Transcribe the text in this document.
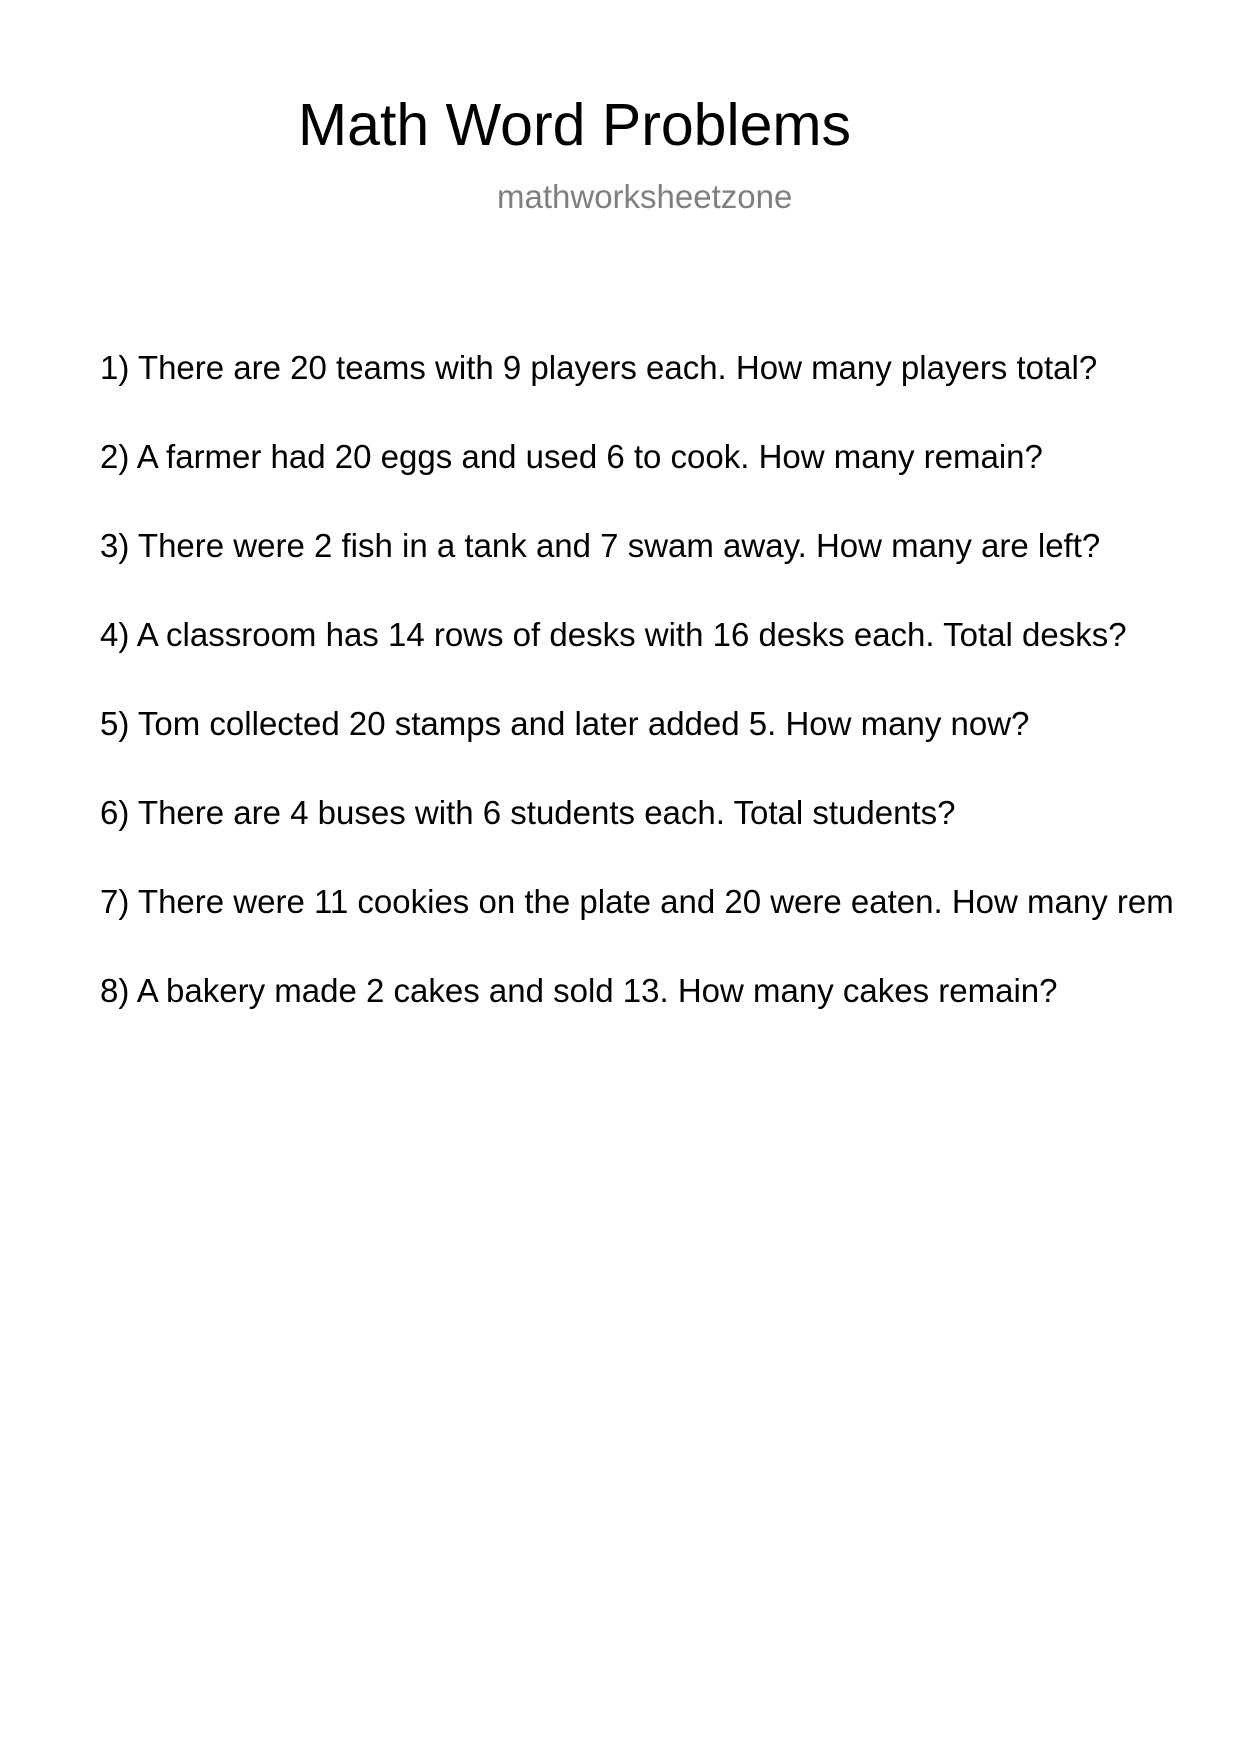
Math Word Problems
mathworksheetzone
1) There are 20 teams with 9 players each. How many players total?
2) A farmer had 20 eggs and used 6 to cook. How many remain?
3) There were 2 fish in a tank and 7 swam away. How many are left?
4) A classroom has 14 rows of desks with 16 desks each. Total desks?
5) Tom collected 20 stamps and later added 5. How many now?
6) There are 4 buses with 6 students each. Total students?
7) There were 11 cookies on the plate and 20 were eaten. How many rem
8) A bakery made 2 cakes and sold 13. How many cakes remain?
